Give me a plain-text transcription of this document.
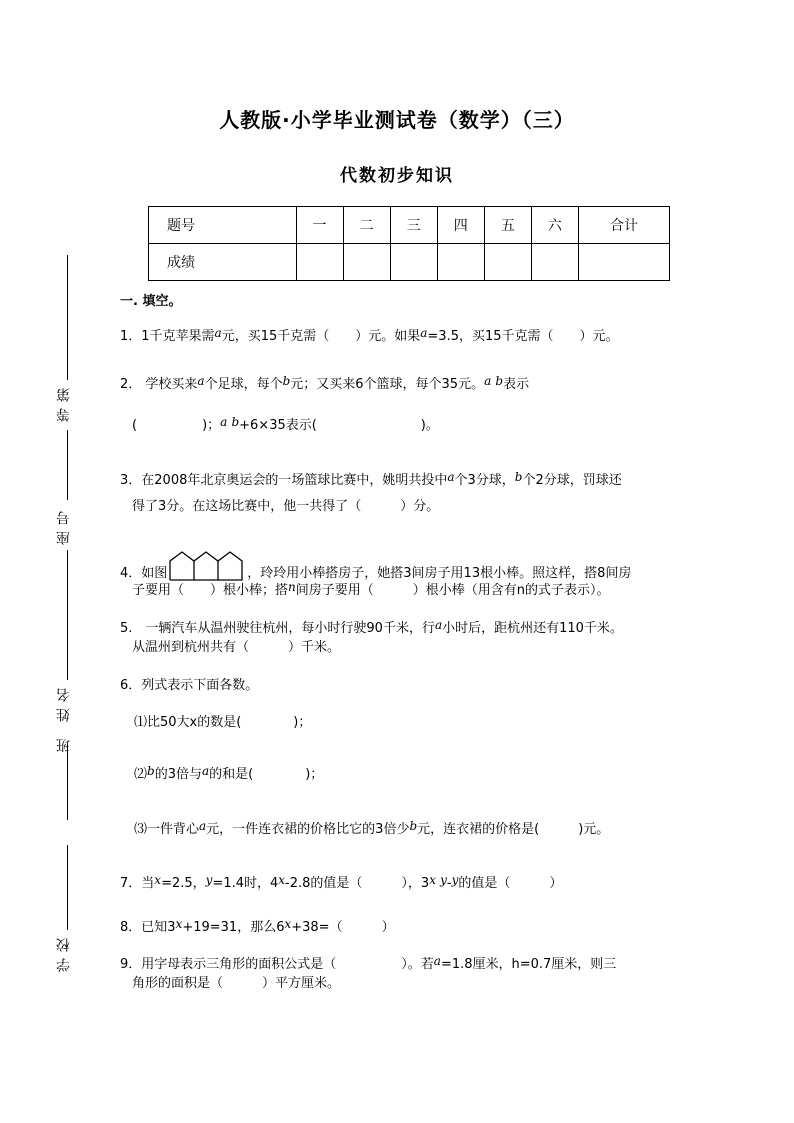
人教版·小学毕业测试卷（数学）（三）
代数初步知识
题号	一	二	三	四	五	六	合计
成绩							
等第
座号
班 姓名
学校
一. 填空。
1．1千克苹果需a元，买15千克需（　　）元。如果a=3.5，买15千克需（　　）元。
2． 学校买来a个足球，每个b元；又买来6个篮球，每个35元。a b表示
(　　　　　)；a b+6×35表示(　　　　　　　　)。
3．在2008年北京奥运会的一场篮球比赛中，姚明共投中a个3分球，b个2分球，罚球还
得了3分。在这场比赛中，他一共得了（　　　）分。
4．如图	，玲玲用小棒搭房子，她搭3间房子用13根小棒。照这样，搭8间房
子要用（　　）根小棒；搭n间房子要用（　　　）根小棒（用含有n的式子表示）。
5.　一辆汽车从温州驶往杭州，每小时行驶90千米，行a小时后，距杭州还有110千米。
从温州到杭州共有（　　　）千米。
6．列式表示下面各数。
⑴比50大x的数是(　　　　)；
⑵b的3倍与a的和是(　　　　)；
⑶一件背心a元，一件连衣裙的价格比它的3倍少b元，连衣裙的价格是(　　　)元。
7．当x=2.5，y=1.4时，4x-2.8的值是（　　　），3x y-y的值是（　　　）
8．已知3x+19=31，那么6x+38=（　　　）
9．用字母表示三角形的面积公式是（　　　　　）。若a=1.8厘米，h=0.7厘米，则三
角形的面积是（　　　）平方厘米。
